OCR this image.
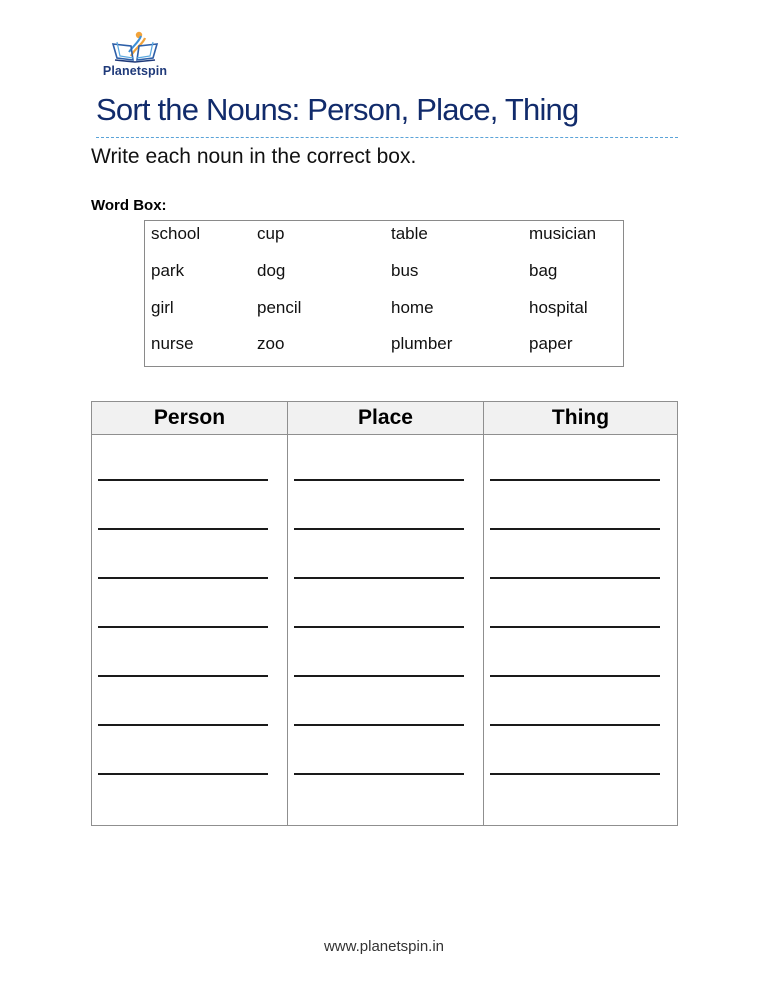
Planetspin
Sort the Nouns: Person, Place, Thing
Write each noun in the correct box.
Word Box:
school	cup	table	musician
park	dog	bus	bag
girl	pencil	home	hospital
nurse	zoo	plumber	paper
Person	Place	Thing
www.planetspin.in
